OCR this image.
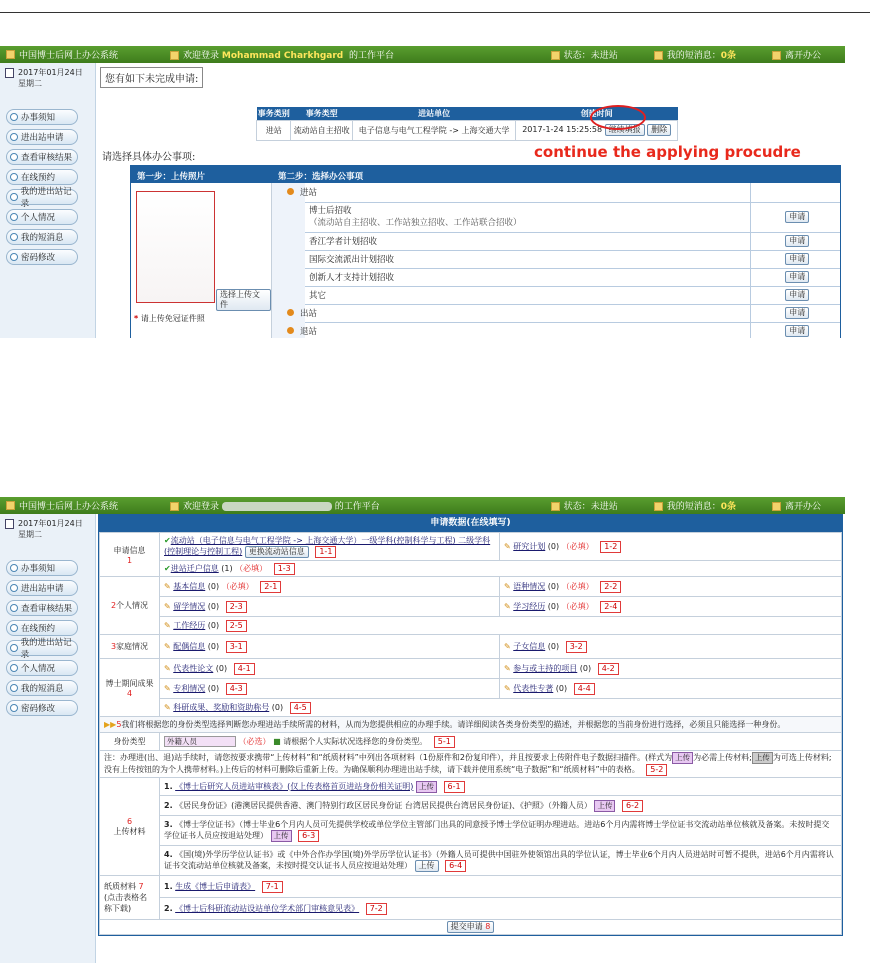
中国博士后网上办公系统	欢迎登录 Mohammad Charkhgard 的工作平台	状态：未进站	我的短消息：0条	离开办公
2017年01月24日
星期二
办事须知
进出站申请
查看审核结果
在线预约
我的进出站记录
个人情况
我的短消息
密码修改
您有如下未完成申请:
事务类别	事务类型	进站单位	创建时间
进站	流动站自主招收	电子信息与电气工程学院 -> 上海交通大学	2017-1-24 15:25:58 继续填报 删除
continue the applying procudre
请选择具体办公事项:
第一步：上传照片	第二步：选择办公事项
选择上传文件
* 请上传免冠证件照
	进站	
	博士后招收
（流动站自主招收、工作站独立招收、工作站联合招收）	申请
	香江学者计划招收	申请
	国际交流派出计划招收	申请
	创新人才支持计划招收	申请
	其它	申请
	出站	申请
	退站	申请
中国博士后网上办公系统	欢迎登录	的工作平台	状态：未进站	我的短消息：0条	离开办公
2017年01月24日
星期二
办事须知
进出站申请
查看审核结果
在线预约
我的进出站记录
个人情况
我的短消息
密码修改
申请数据(在线填写)
申请信息
1	✔流动站（电子信息与电气工程学院 -> 上海交通大学）一级学科(控制科学与工程) 二级学科(控制理论与控制工程) 更换流动站信息 1-1	✎ 研究计划 (0) （必填） 1-2
	✔进站迁户信息 (1) （必填） 1-3	
2个人情况	✎ 基本信息 (0) （必填） 2-1	✎ 语种情况 (0) （必填） 2-2
	✎ 留学情况 (0) 2-3	✎ 学习经历 (0) （必填） 2-4
	✎ 工作经历 (0) 2-5	
3家庭情况	✎ 配偶信息 (0) 3-1	✎ 子女信息 (0) 3-2
博士期间成果
4	✎ 代表性论文 (0) 4-1	✎ 参与或主持的项目 (0) 4-2
	✎ 专利情况 (0) 4-3	✎ 代表性专著 (0) 4-4
	✎ 科研成果、奖励和资助称号 (0) 4-5	
▶▶5我们将根据您的身份类型选择判断您办理进站手续所需的材料，从而为您提供相应的办理手续。请详细阅读各类身份类型的描述，并根据您的当前身份进行选择，必须且只能选择一种身份。		
身份类型	外籍人员 （必选） ■ 请根据个人实际状况选择您的身份类型。 5-1	
注：办理进(出、退)站手续时，请您按要求携带“上传材料”和“纸质材料”中列出各项材料（1份原件和2份复印件），并且按要求上传附件电子数据扫描件。(样式为 上传 为必需上传材料; 上传 为可选上传材料;没有上传按钮的为个人携带材料。)上传后的材料可删除后重新上传。为确保顺利办理进出站手续，请下载并使用系统“电子数据”和“纸质材料”中的表格。 5-2		
6
上传材料	1. 《博士后研究人员进站审核表》(仅上传表格首页进站身份相关证明) 上传 6-1	
	2. 《居民身份证》(港澳居民提供香港、澳门特别行政区居民身份证 台湾居民提供台湾居民身份证)、《护照》（外籍人员） 上传 6-2	
	3. 《博士学位证书》（博士毕业6个月内人员可先提供学校或单位学位主管部门出具的同意授予博士学位证明办理进站。进站6个月内需将博士学位证书交流动站单位核就及备案。未按时提交学位证书人员应按退站处理） 上传 6-3	
	4. 《国(境)外学历学位认证书》或《中外合作办学国(境)外学历学位认证书》（外籍人员可提供中国驻外使领馆出具的学位认证，博士毕业6个月内人员进站时可暂不提供，进站6个月内需将认证书交流动站单位核就及备案，未按时提交认证书人员应按退站处理） 上传 6-4	
纸质材料 7
(点击表格名称下载)	1. 生成《博士后申请表》 7-1	
	2. 《博士后科研流动站设站单位学术部门审核意见表》 7-2	
提交申请 8		
